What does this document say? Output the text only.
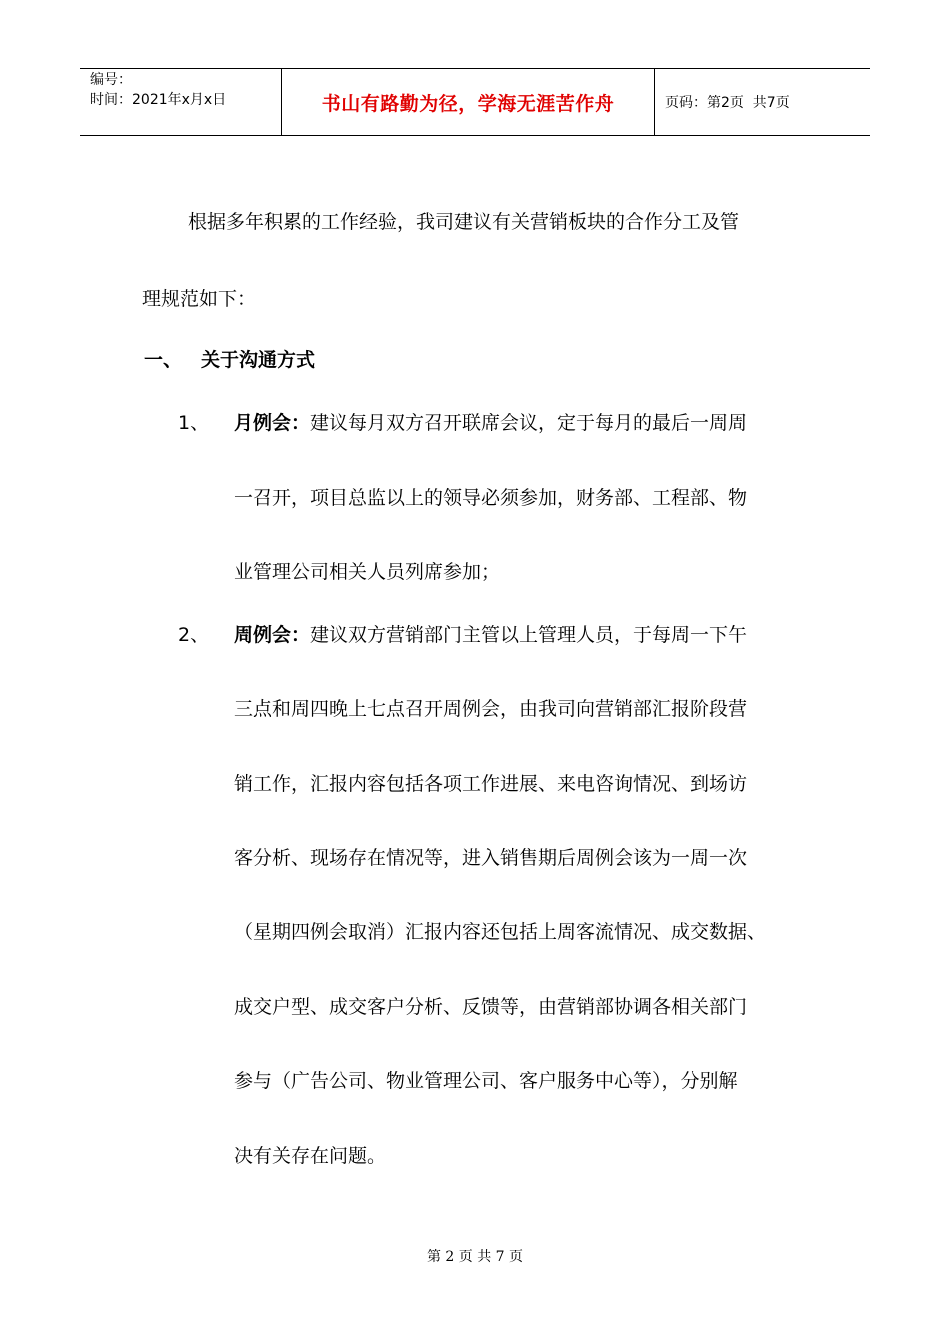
编号：
时间：2021年x月x日	书山有路勤为径，学海无涯苦作舟	页码：第2页  共7页
根据多年积累的工作经验，我司建议有关营销板块的合作分工及管
理规范如下：
一、 关于沟通方式
1、 月例会：建议每月双方召开联席会议，定于每月的最后一周周
一召开，项目总监以上的领导必须参加，财务部、工程部、物
业管理公司相关人员列席参加；
2、 周例会：建议双方营销部门主管以上管理人员，于每周一下午
三点和周四晚上七点召开周例会，由我司向营销部汇报阶段营
销工作，汇报内容包括各项工作进展、来电咨询情况、到场访
客分析、现场存在情况等，进入销售期后周例会该为一周一次
（星期四例会取消）汇报内容还包括上周客流情况、成交数据、
成交户型、成交客户分析、反馈等，由营销部协调各相关部门
参与（广告公司、物业管理公司、客户服务中心等），分别解
决有关存在问题。
第 2 页 共 7 页
